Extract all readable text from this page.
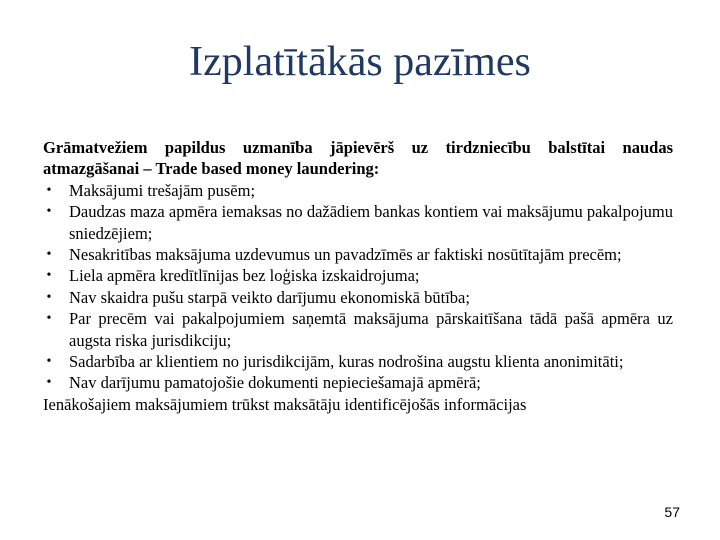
Izplatītākās pazīmes

Grāmatvežiem papildus uzmanība jāpievērš uz tirdzniecību balstītai naudas atmazgāšanai – Trade based money laundering:

• Maksājumi trešajām pusēm;
• Daudzas maza apmēra iemaksas no dažādiem bankas kontiem vai maksājumu pakalpojumu sniedzējiem;
• Nesakritības maksājuma uzdevumus un pavadzīmēs ar faktiski nosūtītajām precēm;
• Liela apmēra kredītlīnijas bez loģiska izskaidrojuma;
• Nav skaidra pušu starpā veikto darījumu ekonomiskā būtība;
• Par precēm vai pakalpojumiem saņemtā maksājuma pārskaitīšana tādā pašā apmēra uz augsta riska jurisdikciju;
• Sadarbība ar klientiem no jurisdikcijām, kuras nodrošina augstu klienta anonimitāti;
• Nav darījumu pamatojošie dokumenti nepieciešamajā apmērā;

Ienākošajiem maksājumiem trūkst maksātāju identificējošās informācijas

57
